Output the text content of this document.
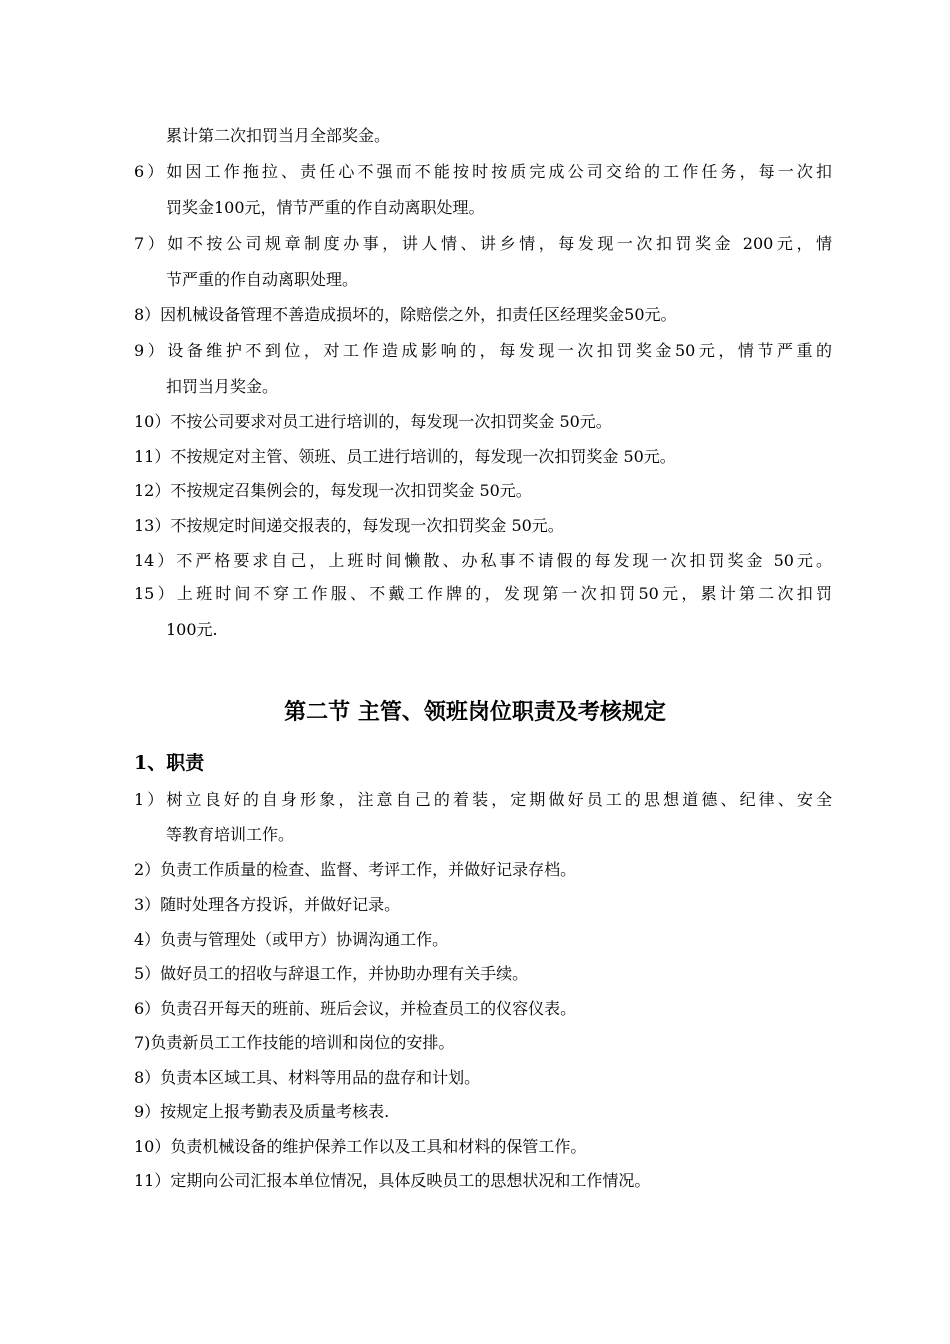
累计第二次扣罚当月全部奖金。
6）如因工作拖拉、责任心不强而不能按时按质完成公司交给的工作任务，每一次扣
罚奖金100元，情节严重的作自动离职处理。
7）如不按公司规章制度办事，讲人情、讲乡情，每发现一次扣罚奖金 200元，情
节严重的作自动离职处理。
8）因机械设备管理不善造成损坏的，除赔偿之外，扣责任区经理奖金50元。
9）设备维护不到位，对工作造成影响的，每发现一次扣罚奖金50元，情节严重的
扣罚当月奖金。
10）不按公司要求对员工进行培训的，每发现一次扣罚奖金 50元。
11）不按规定对主管、领班、员工进行培训的，每发现一次扣罚奖金 50元。
12）不按规定召集例会的，每发现一次扣罚奖金 50元。
13）不按规定时间递交报表的，每发现一次扣罚奖金 50元。
14）不严格要求自己，上班时间懒散、办私事不请假的每发现一次扣罚奖金 50元。
15）上班时间不穿工作服、不戴工作牌的，发现第一次扣罚50元，累计第二次扣罚
100元.
第二节 主管、领班岗位职责及考核规定
1、职责
1）树立良好的自身形象，注意自己的着装，定期做好员工的思想道德、纪律、安全
等教育培训工作。
2）负责工作质量的检查、监督、考评工作，并做好记录存档。
3）随时处理各方投诉，并做好记录。
4）负责与管理处（或甲方）协调沟通工作。
5）做好员工的招收与辞退工作，并协助办理有关手续。
6）负责召开每天的班前、班后会议，并检查员工的仪容仪表。
7)负责新员工工作技能的培训和岗位的安排。
8）负责本区域工具、材料等用品的盘存和计划。
9）按规定上报考勤表及质量考核表.
10）负责机械设备的维护保养工作以及工具和材料的保管工作。
11）定期向公司汇报本单位情况，具体反映员工的思想状况和工作情况。
